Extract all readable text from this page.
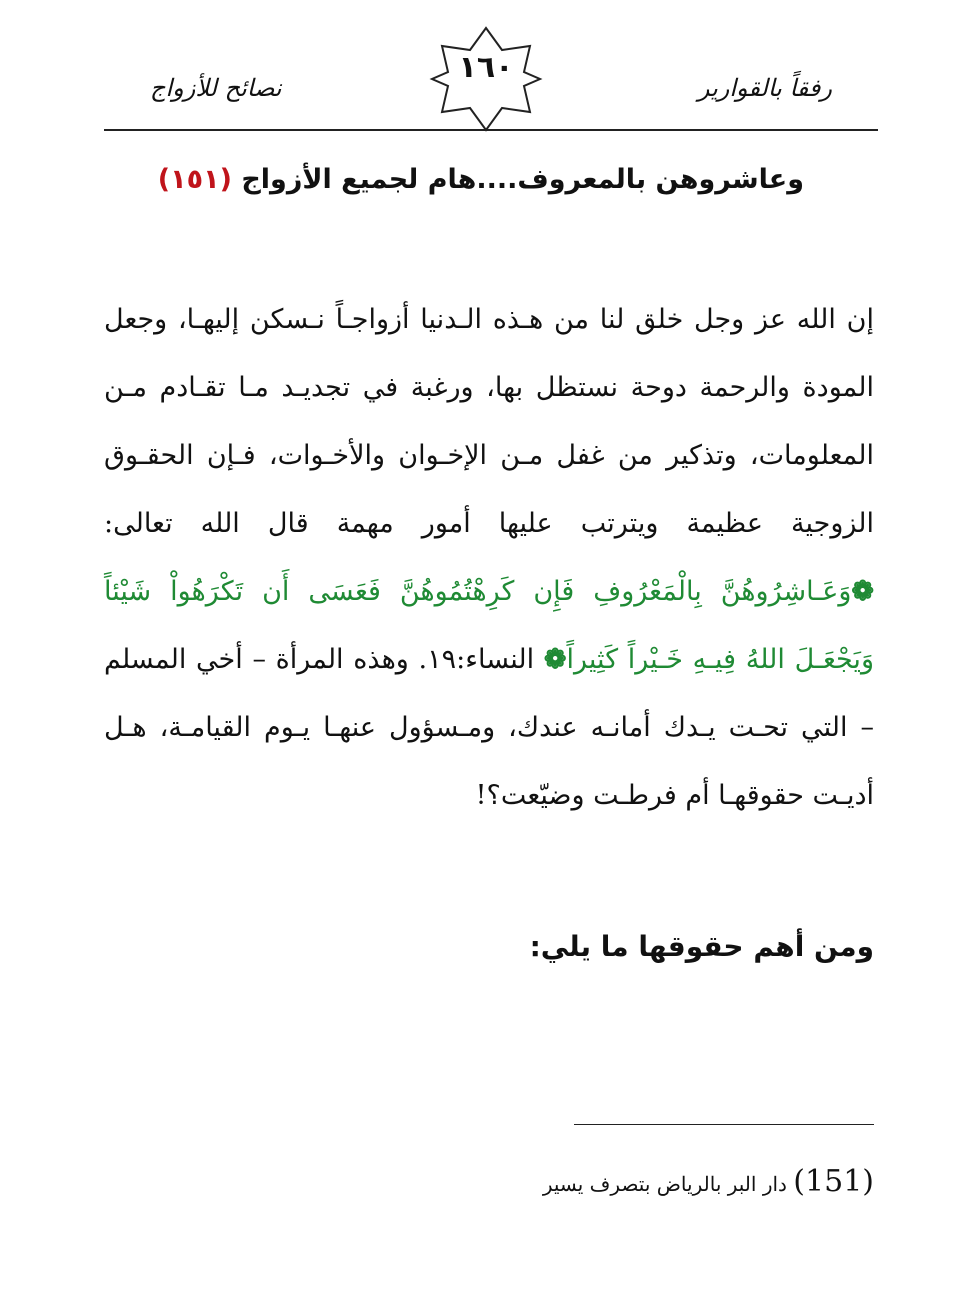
نصائح للأزواج
١٦٠
رفقاً بالقوارير
وعاشروهن بالمعروف....هام لجميع الأزواج (١٥١)
إن الله عز وجل خلق لنا من هـذه الـدنيا أزواجـاً نـسكن إليهـا، وجعل المودة والرحمة دوحة نستظل بها، ورغبة في تجديـد مـا تقـادم مـن المعلومات، وتذكير من غفل مـن الإخـوان والأخـوات، فـإن الحقـوق الزوجية عظيمة ويترتب عليها أمور مهمة قال الله تعالى: ❁وَعَـاشِرُوهُنَّ بِالْمَعْرُوفِ فَإِن كَرِهْتُمُوهُنَّ فَعَسَى أَن تَكْرَهُواْ شَيْئاً وَيَجْعَـلَ اللهُ فِيـهِ خَـيْراً كَثِيراً❁ النساء:١٩. وهذه المرأة – أخي المسلم – التي تحـت يـدك أمانـه عندك، ومـسؤول عنهـا يـوم القيامـة، هـل أديـت حقوقهـا أم فرطـت وضيّعت؟!
ومن أهم حقوقها ما يلي:
(151) دار البر بالرياض بتصرف يسير
